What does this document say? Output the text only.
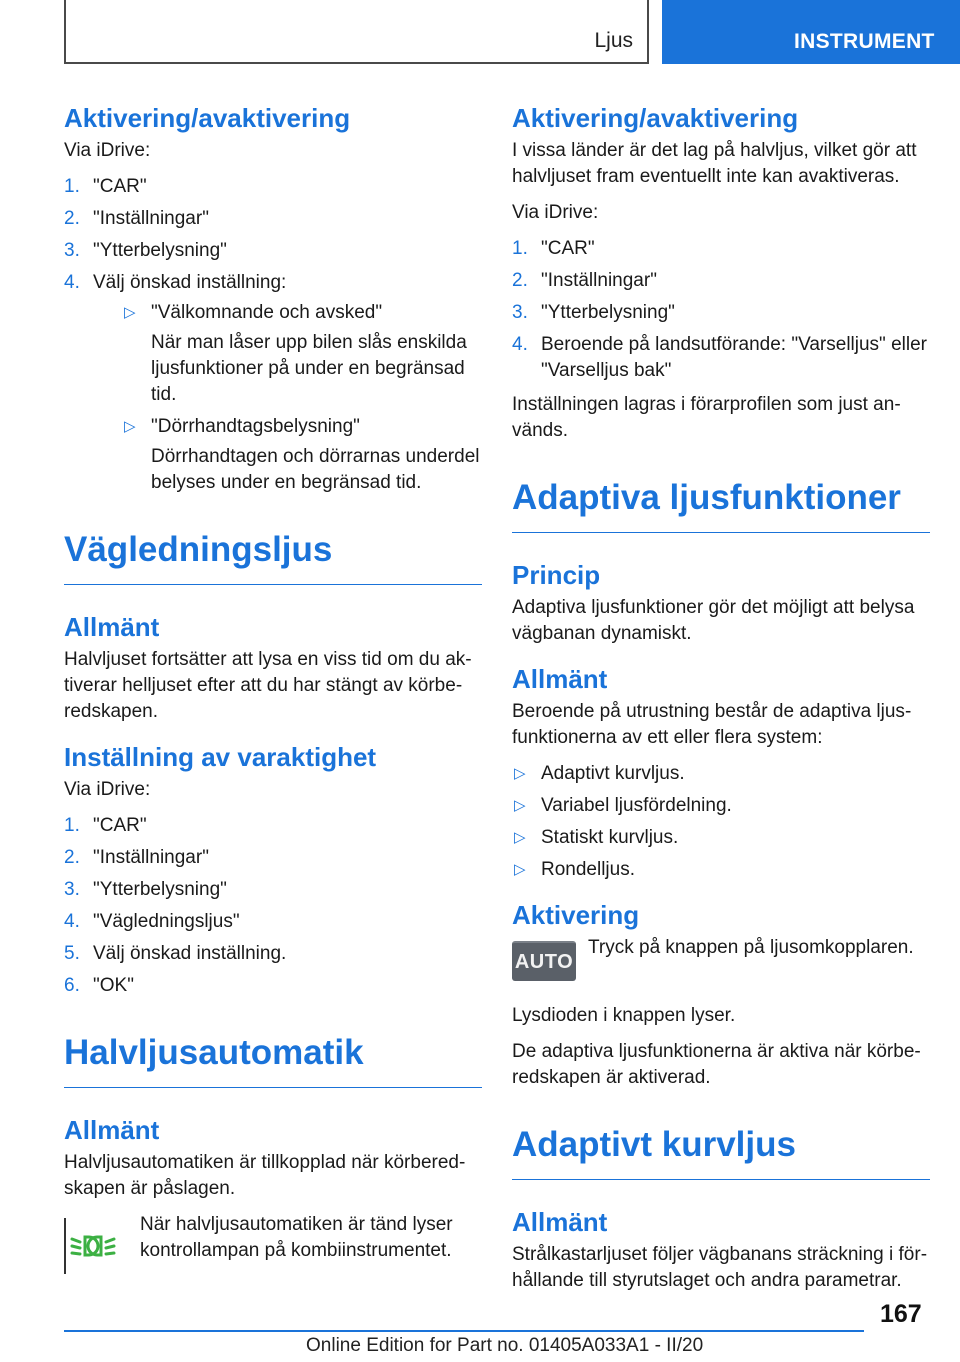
Ljus	INSTRUMENT
Aktivering/avaktivering
Via iDrive:
1. "CAR"
2. "Inställningar"
3. "Ytterbelysning"
4. Välj önskad inställning:
▷ "Välkomnande och avsked"
När man låser upp bilen slås enskilda ljusfunktioner på under en begränsad tid.
▷ "Dörrhandtagsbelysning"
Dörrhandtagen och dörrarnas underdel belyses under en begränsad tid.
Vägledningsljus
Allmänt
Halvljuset fortsätter att lysa en viss tid om du aktiverar helljuset efter att du har stängt av körberedskapen.
Inställning av varaktighet
Via iDrive:
1. "CAR"
2. "Inställningar"
3. "Ytterbelysning"
4. "Vägledningsljus"
5. Välj önskad inställning.
6. "OK"
Halvljusautomatik
Allmänt
Halvljusautomatiken är tillkopplad när körberedskapen är påslagen.
När halvljusautomatiken är tänd lyser kontrollampan på kombiinstrumentet.
Aktivering/avaktivering
I vissa länder är det lag på halvljus, vilket gör att halvljuset fram eventuellt inte kan avaktiveras.
Via iDrive:
1. "CAR"
2. "Inställningar"
3. "Ytterbelysning"
4. Beroende på landsutförande: "Varselljus" eller "Varselljus bak"
Inställningen lagras i förarprofilen som just används.
Adaptiva ljusfunktioner
Princip
Adaptiva ljusfunktioner gör det möjligt att belysa vägbanan dynamiskt.
Allmänt
Beroende på utrustning består de adaptiva ljusfunktionerna av ett eller flera system:
▷ Adaptivt kurvljus.
▷ Variabel ljusfördelning.
▷ Statiskt kurvljus.
▷ Rondelljus.
Aktivering
AUTO
Tryck på knappen på ljusomkopplaren.
Lysdioden i knappen lyser.
De adaptiva ljusfunktionerna är aktiva när körberedskapen är aktiverad.
Adaptivt kurvljus
Allmänt
Strålkastarljuset följer vägbanans sträckning i förhållande till styrutslaget och andra parametrar.
167
Online Edition for Part no. 01405A033A1 - II/20
